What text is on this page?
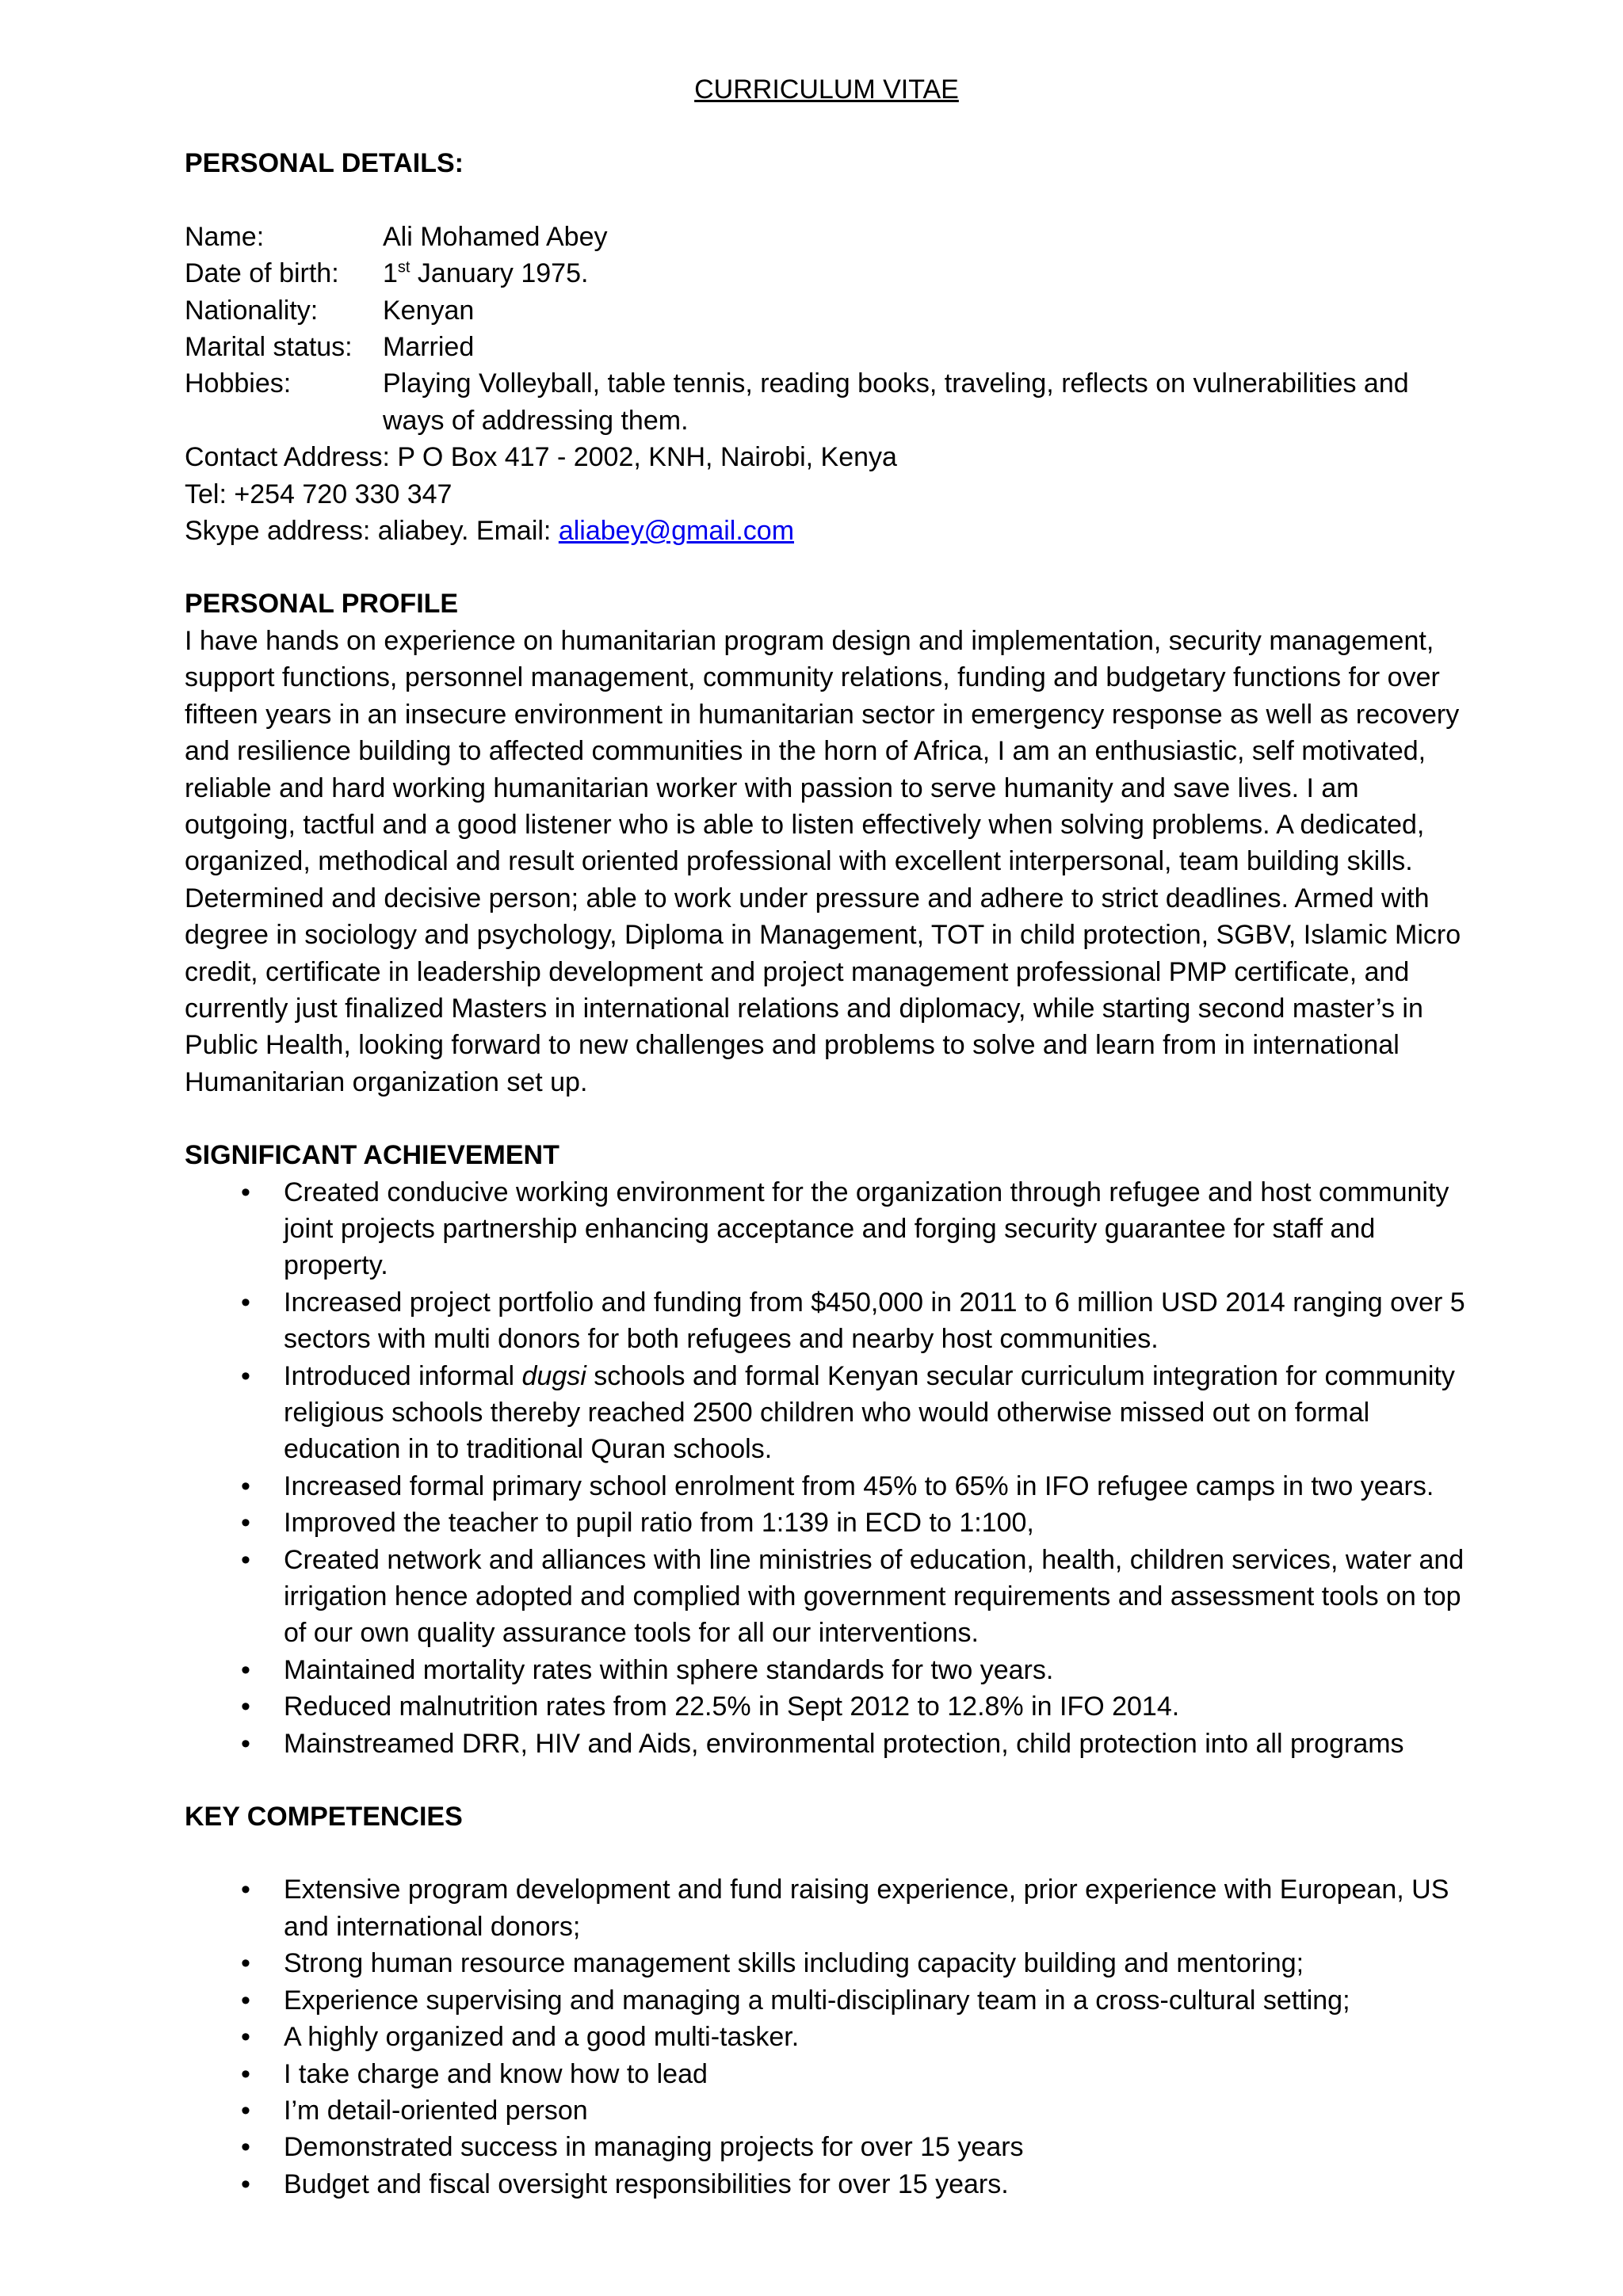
CURRICULUM VITAE

PERSONAL DETAILS:

Name:	Ali Mohamed Abey
Date of birth:	1st January 1975.
Nationality:	Kenyan
Marital status:	Married
Hobbies:	Playing Volleyball, table tennis, reading books, traveling, reflects on vulnerabilities and ways of addressing them.

Contact Address: P O Box 417 - 2002, KNH, Nairobi, Kenya

Tel: +254 720 330 347

Skype address: aliabey. Email: aliabey@gmail.com

PERSONAL PROFILE

I have hands on experience on humanitarian program design and implementation, security management, support functions, personnel management, community relations, funding and budgetary functions for over fifteen years in an insecure environment in humanitarian sector in emergency response as well as recovery and resilience building to affected communities in the horn of Africa, I am an enthusiastic, self motivated, reliable and hard working humanitarian worker with passion to serve humanity and save lives. I am outgoing, tactful and a good listener who is able to listen effectively when solving problems. A dedicated, organized, methodical and result oriented professional with excellent interpersonal, team building skills. Determined and decisive person; able to work under pressure and adhere to strict deadlines. Armed with degree in sociology and psychology, Diploma in Management, TOT in child protection, SGBV, Islamic Micro credit, certificate in leadership development and project management professional PMP certificate, and currently just finalized Masters in international relations and diplomacy, while starting second master’s in Public Health, looking forward to new challenges and problems to solve and learn from in international Humanitarian organization set up.

SIGNIFICANT ACHIEVEMENT

• Created conducive working environment for the organization through refugee and host community joint projects partnership enhancing acceptance and forging security guarantee for staff and property.
• Increased project portfolio and funding from $450,000 in 2011 to 6 million USD 2014 ranging over 5 sectors with multi donors for both refugees and nearby host communities.
• Introduced informal dugsi schools and formal Kenyan secular curriculum integration for community religious schools thereby reached 2500 children who would otherwise missed out on formal education in to traditional Quran schools.
• Increased formal primary school enrolment from 45% to 65% in IFO refugee camps in two years.
• Improved the teacher to pupil ratio from 1:139 in ECD to 1:100,
• Created network and alliances with line ministries of education, health, children services, water and irrigation hence adopted and complied with government requirements and assessment tools on top of our own quality assurance tools for all our interventions.
• Maintained mortality rates within sphere standards for two years.
• Reduced malnutrition rates from 22.5% in Sept 2012 to 12.8% in IFO 2014.
• Mainstreamed DRR, HIV and Aids, environmental protection, child protection into all programs

KEY COMPETENCIES

• Extensive program development and fund raising experience, prior experience with European, US and international donors;
• Strong human resource management skills including capacity building and mentoring;
• Experience supervising and managing a multi-disciplinary team in a cross-cultural setting;
• A highly organized and a good multi-tasker.
• I take charge and know how to lead
• I’m detail-oriented person
• Demonstrated success in managing projects for over 15 years
• Budget and fiscal oversight responsibilities for over 15 years.
